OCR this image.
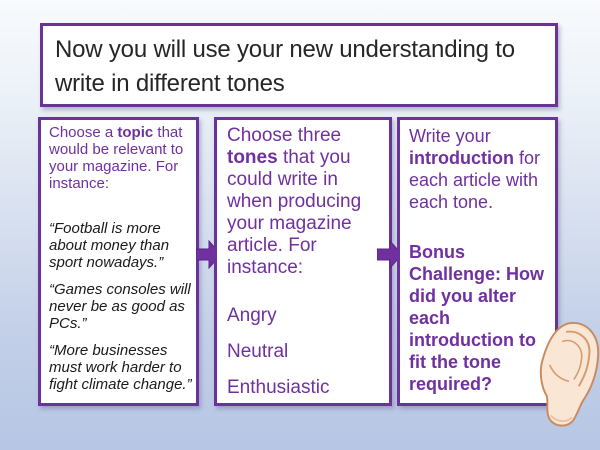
Now you will use your new understanding to write in different tones

Choose a topic that would be relevant to your magazine. For instance:

“Football is more about money than sport nowadays.”

“Games consoles will never be as good as PCs.”

“More businesses must work harder to fight climate change.”

Choose three tones that you could write in when producing your magazine article. For instance:

Angry

Neutral

Enthusiastic

Write your introduction for each article with each tone.

Bonus Challenge: How did you alter each introduction to fit the tone required?
